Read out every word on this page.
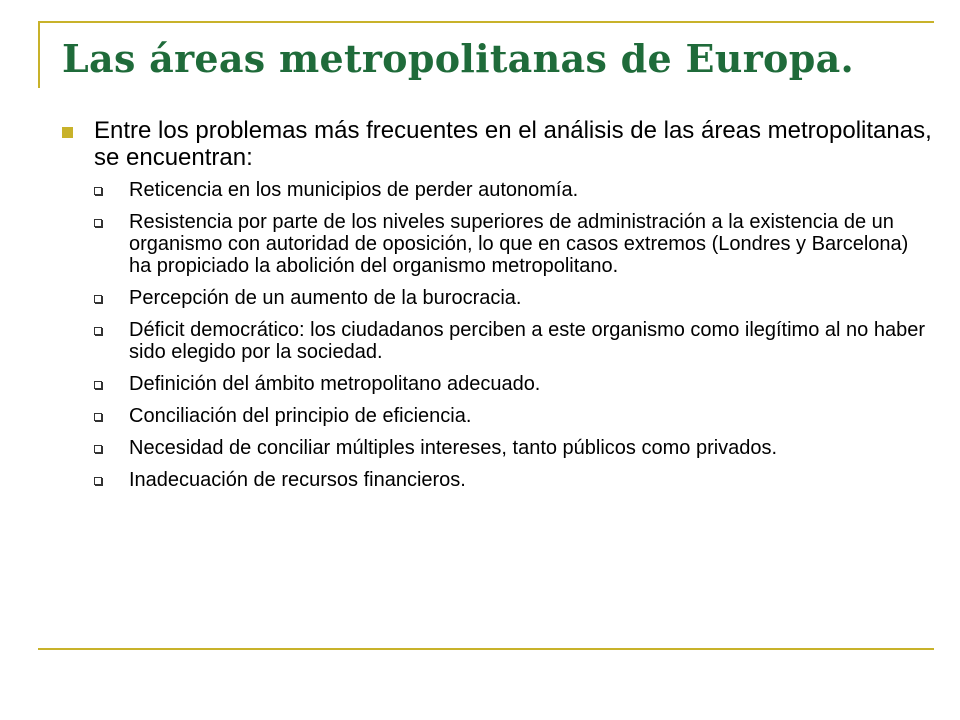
Las áreas metropolitanas de Europa.
Entre los problemas más frecuentes en el análisis de las áreas metropolitanas, se encuentran:
Reticencia en los municipios de perder autonomía.
Resistencia por parte de los niveles superiores de administración a la existencia de un organismo con autoridad de oposición, lo que en casos extremos (Londres y Barcelona) ha propiciado la abolición del organismo metropolitano.
Percepción de un aumento de la burocracia.
Déficit democrático: los ciudadanos perciben a este organismo como ilegítimo al no haber sido elegido por la sociedad.
Definición del ámbito metropolitano adecuado.
Conciliación del principio de eficiencia.
Necesidad de conciliar múltiples intereses, tanto públicos como privados.
Inadecuación de recursos financieros.
